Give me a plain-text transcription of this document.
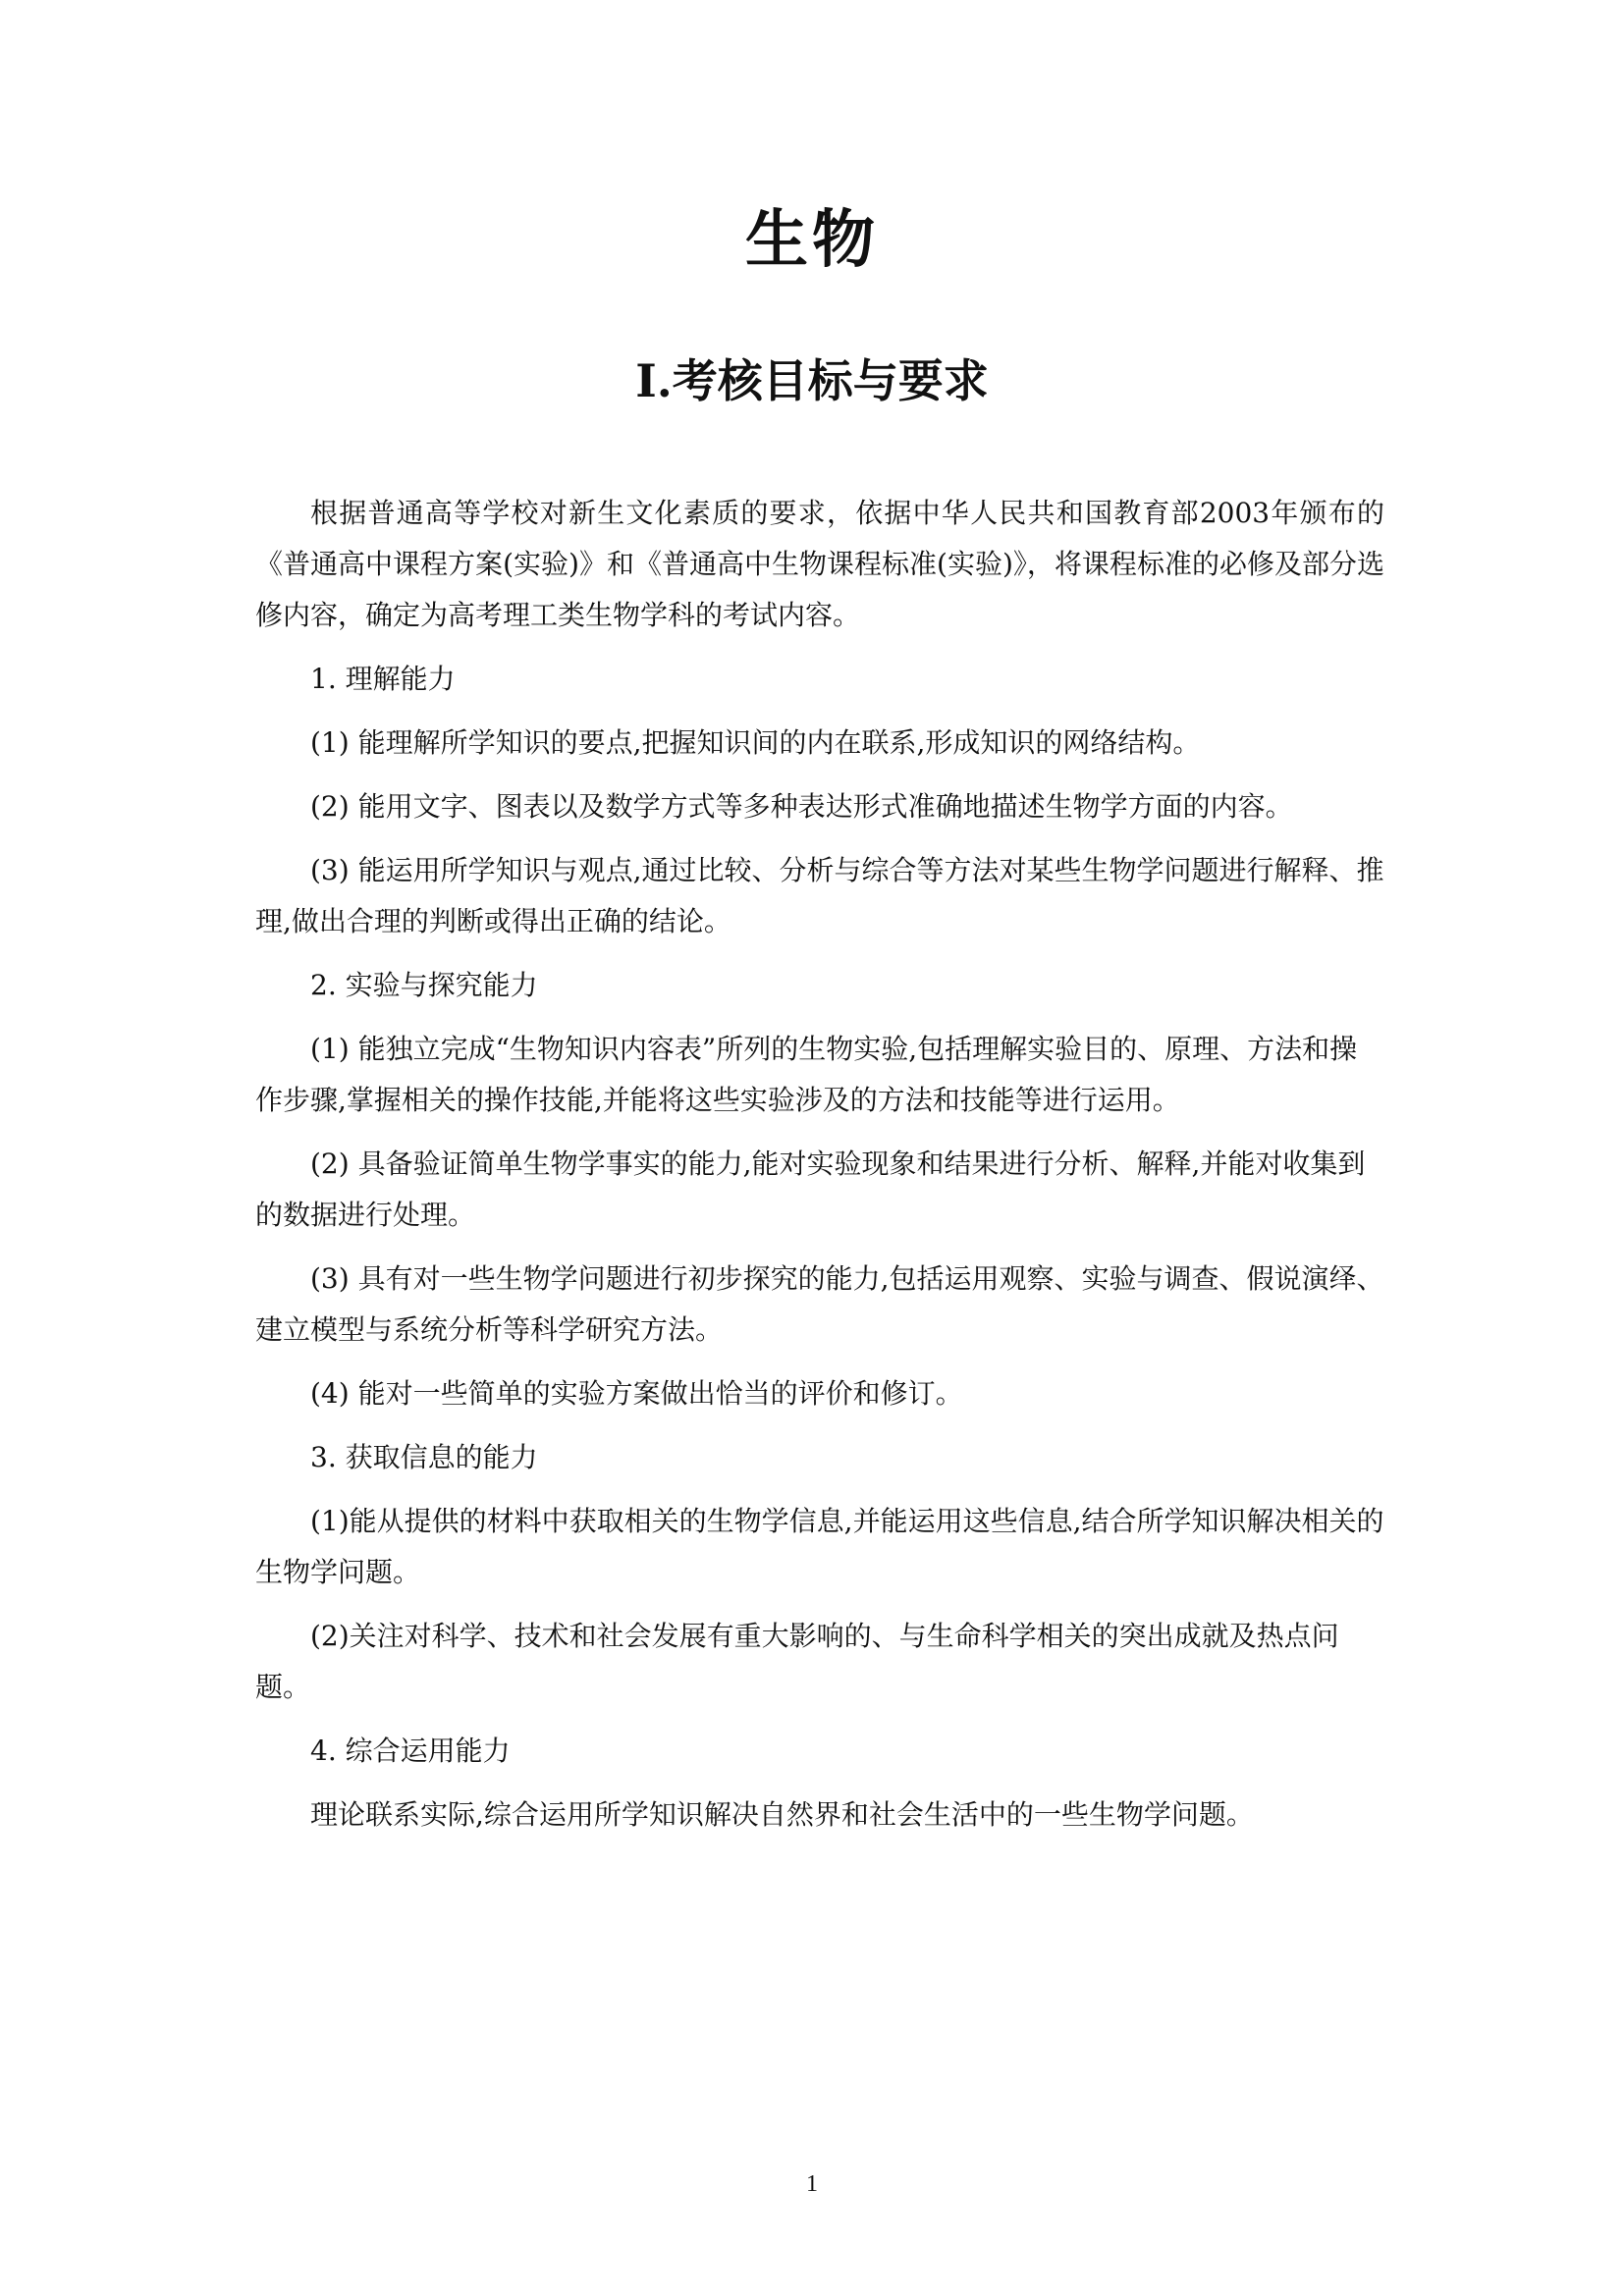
生物
Ⅰ.考核目标与要求

根据普通高等学校对新生文化素质的要求，依据中华人民共和国教育部2003年颁布的《普通高中课程方案(实验)》和《普通高中生物课程标准(实验)》，将课程标准的必修及部分选修内容，确定为高考理工类生物学科的考试内容。

1. 理解能力

(1) 能理解所学知识的要点,把握知识间的内在联系,形成知识的网络结构。

(2) 能用文字、图表以及数学方式等多种表达形式准确地描述生物学方面的内容。

(3) 能运用所学知识与观点,通过比较、分析与综合等方法对某些生物学问题进行解释、推理,做出合理的判断或得出正确的结论。

2. 实验与探究能力

(1) 能独立完成“生物知识内容表”所列的生物实验,包括理解实验目的、原理、方法和操作步骤,掌握相关的操作技能,并能将这些实验涉及的方法和技能等进行运用。

(2) 具备验证简单生物学事实的能力,能对实验现象和结果进行分析、解释,并能对收集到的数据进行处理。

(3) 具有对一些生物学问题进行初步探究的能力,包括运用观察、实验与调查、假说演绎、建立模型与系统分析等科学研究方法。

(4) 能对一些简单的实验方案做出恰当的评价和修订。

3. 获取信息的能力

(1)能从提供的材料中获取相关的生物学信息,并能运用这些信息,结合所学知识解决相关的生物学问题。

(2)关注对科学、技术和社会发展有重大影响的、与生命科学相关的突出成就及热点问题。

4. 综合运用能力

理论联系实际,综合运用所学知识解决自然界和社会生活中的一些生物学问题。

1
